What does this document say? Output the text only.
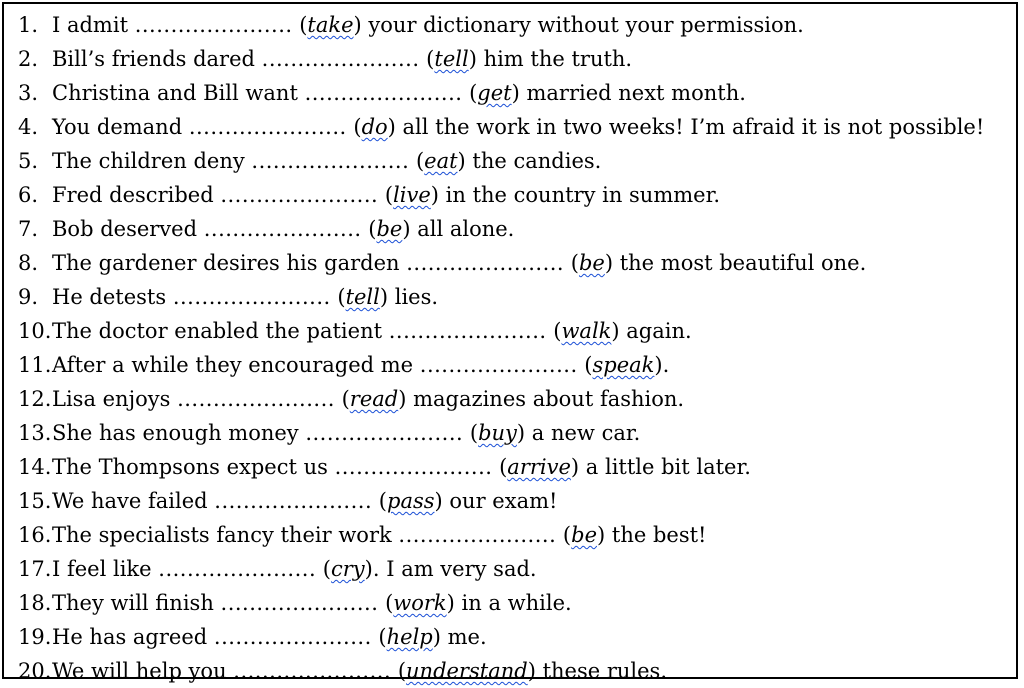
1. I admit ...................... (take) your dictionary without your permission.
2. Bill’s friends dared ...................... (tell) him the truth.
3. Christina and Bill want ...................... (get) married next month.
4. You demand ...................... (do) all the work in two weeks! I’m afraid it is not possible!
5. The children deny ...................... (eat) the candies.
6. Fred described ...................... (live) in the country in summer.
7. Bob deserved ...................... (be) all alone.
8. The gardener desires his garden ...................... (be) the most beautiful one.
9. He detests ...................... (tell) lies.
10.The doctor enabled the patient ...................... (walk) again.
11.After a while they encouraged me ...................... (speak).
12.Lisa enjoys ...................... (read) magazines about fashion.
13.She has enough money ...................... (buy) a new car.
14.The Thompsons expect us ...................... (arrive) a little bit later.
15.We have failed ...................... (pass) our exam!
16.The specialists fancy their work ...................... (be) the best!
17.I feel like ...................... (cry). I am very sad.
18.They will finish ...................... (work) in a while.
19.He has agreed ...................... (help) me.
20.We will help you ...................... (understand) these rules.
